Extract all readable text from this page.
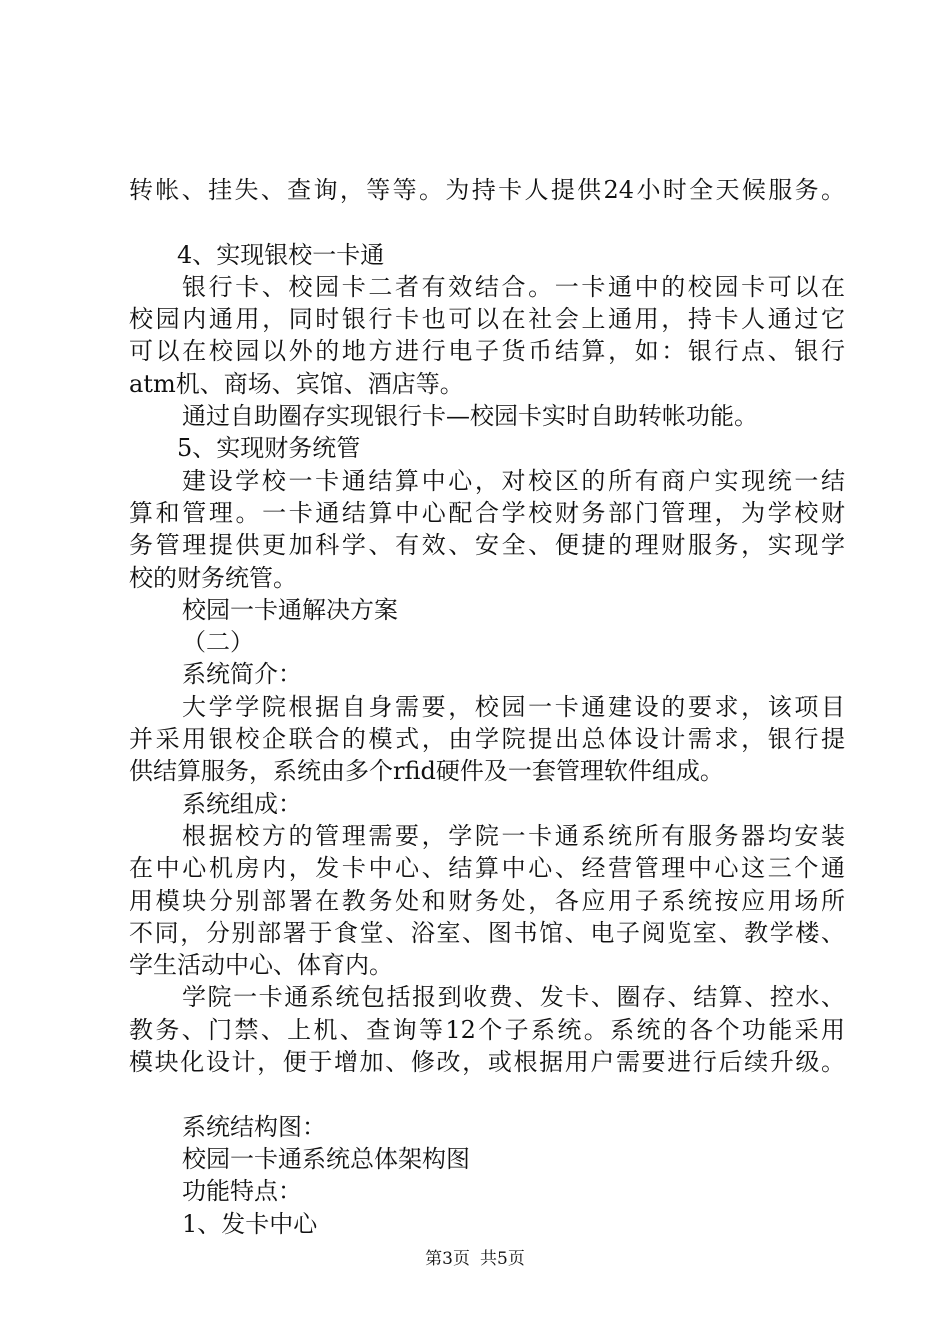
转帐、挂失、查询，等等。为持卡人提供24小时全天候服务。
4、实现银校一卡通
银行卡、校园卡二者有效结合。一卡通中的校园卡可以在
校园内通用，同时银行卡也可以在社会上通用，持卡人通过它
可以在校园以外的地方进行电子货币结算，如：银行点、银行
atm机、商场、宾馆、酒店等。
通过自助圈存实现银行卡—校园卡实时自助转帐功能。
5、实现财务统管
建设学校一卡通结算中心，对校区的所有商户实现统一结
算和管理。一卡通结算中心配合学校财务部门管理，为学校财
务管理提供更加科学、有效、安全、便捷的理财服务，实现学
校的财务统管。
校园一卡通解决方案
（二）
系统简介：
大学学院根据自身需要，校园一卡通建设的要求，该项目
并采用银校企联合的模式，由学院提出总体设计需求，银行提
供结算服务，系统由多个rfid硬件及一套管理软件组成。
系统组成：
根据校方的管理需要，学院一卡通系统所有服务器均安装
在中心机房内，发卡中心、结算中心、经营管理中心这三个通
用模块分别部署在教务处和财务处，各应用子系统按应用场所
不同，分别部署于食堂、浴室、图书馆、电子阅览室、教学楼、
学生活动中心、体育内。
学院一卡通系统包括报到收费、发卡、圈存、结算、控水、
教务、门禁、上机、查询等12个子系统。系统的各个功能采用
模块化设计，便于增加、修改，或根据用户需要进行后续升级。
系统结构图：
校园一卡通系统总体架构图
功能特点：
1、发卡中心
第3页 共5页
